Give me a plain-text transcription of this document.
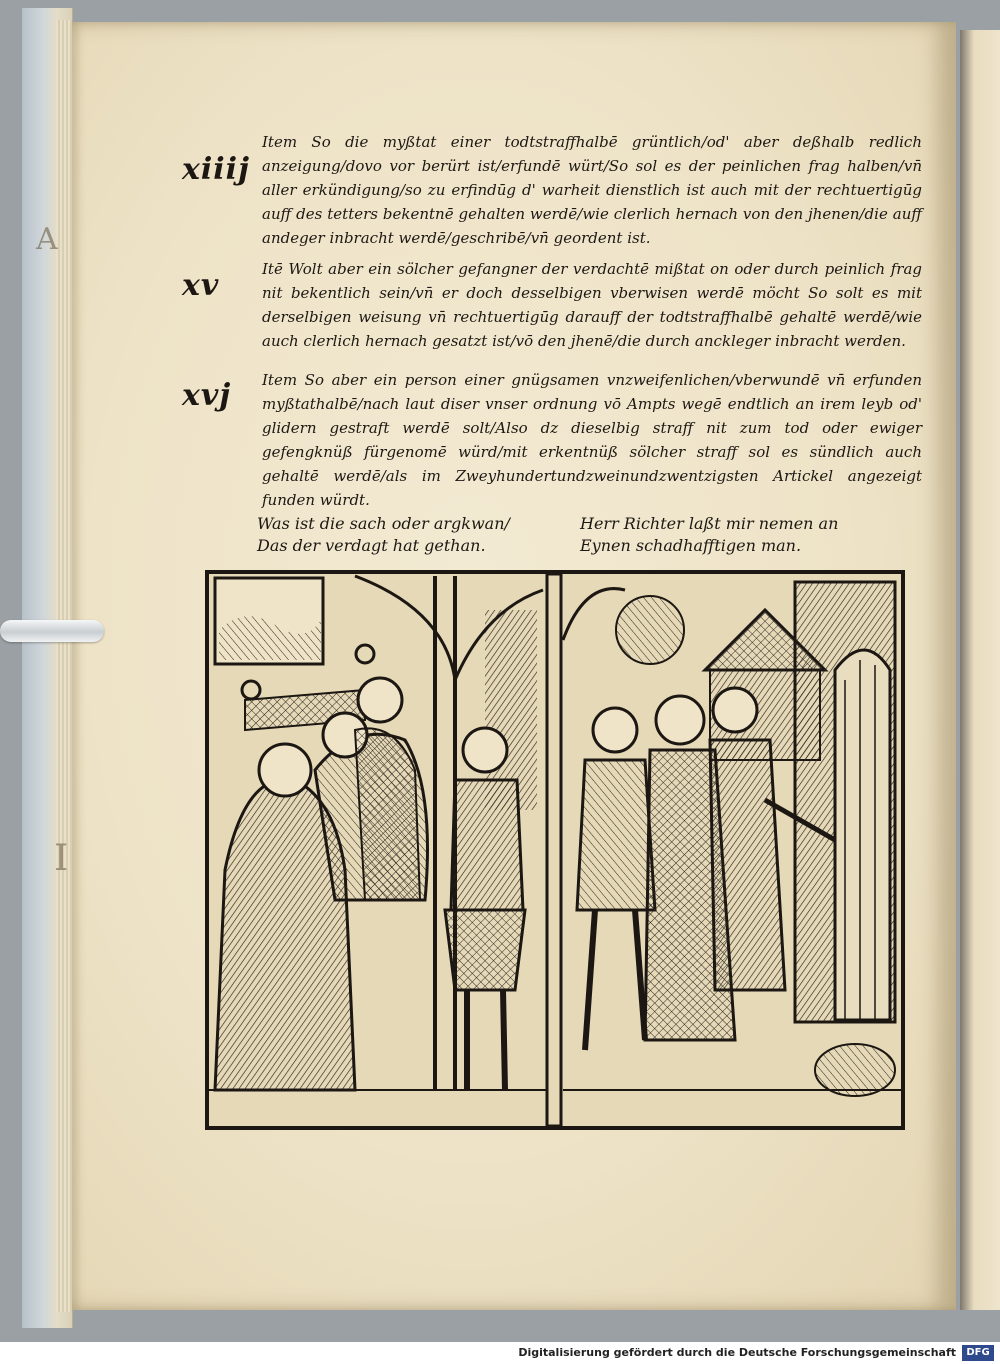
A
I
xiiij

Item So die myßtat einer todtstraffhalbē grüntlich/od' aber deßhalb redlich anzeigung/dovo vor berürt ist/erfundē würt/So sol es der peinlichen frag halben/vn̄ aller erkündigung/so zu erfindūg d' warheit dienstlich ist auch mit der rechtuertigūg auff des tetters bekentnē gehalten werdē/wie clerlich hernach von den jhenen/die auff andeger inbracht werdē/geschribē/vn̄ geordent ist.

xv	Itē Wolt aber ein sölcher gefangner der verdachtē mißtat on oder durch peinlich frag nit bekentlich sein/vn̄ er doch desselbigen vberwisen werdē möcht So solt es mit derselbigen weisung vn̄ rechtuertigūg darauff der todtstraffhalbē gehaltē werdē/wie auch clerlich hernach gesatzt ist/vō den jhenē/die durch anckleger inbracht werden.

xvj	Item So aber ein person einer gnügsamen vnzweifenlichen/vberwundē vn̄ erfunden myßtathalbē/nach laut diser vnser ordnung vō Ampts wegē endtlich an irem leyb od' glidern gestraft werdē solt/Also dz dieselbig straff nit zum tod oder ewiger gefengknüß fürgenomē würd/mit erkentnüß sölcher straff sol es sündlich auch gehaltē werdē/als im Zweyhundertundzweinundzwentzigsten Artickel angezeigt funden würdt.

Was ist die sach oder argkwan/
Das der verdagt hat gethan.
Herr Richter laßt mir nemen an
Eynen schadhafftigen man.
Digitalisierung gefördert durch die Deutsche Forschungsgemeinschaft	DFG
